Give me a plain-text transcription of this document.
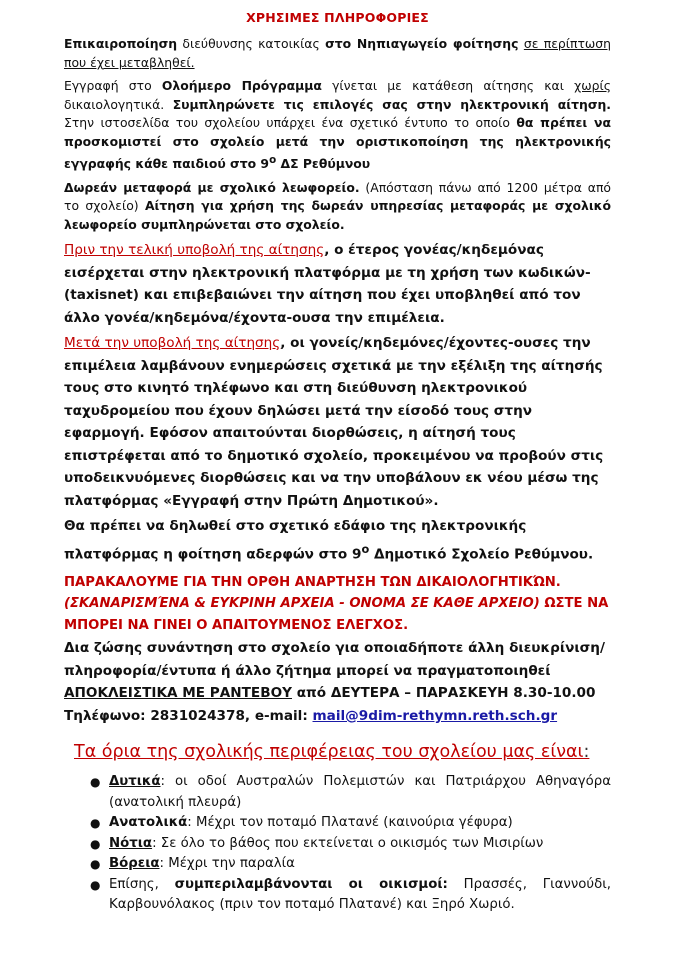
ΧΡΗΣΙΜΕΣ ΠΛΗΡΟΦΟΡΙΕΣ

Επικαιροποίηση διεύθυνσης κατοικίας στο Νηπιαγωγείο φοίτησης σε περίπτωση που έχει μεταβληθεί.

Εγγραφή στο Ολοήμερο Πρόγραμμα γίνεται με κατάθεση αίτησης και χωρίς δικαιολογητικά. Συμπληρώνετε τις επιλογές σας στην ηλεκτρονική αίτηση. Στην ιστοσελίδα του σχολείου υπάρχει ένα σχετικό έντυπο το οποίο θα πρέπει να προσκομιστεί στο σχολείο μετά την οριστικοποίηση της ηλεκτρονικής εγγραφής κάθε παιδιού στο $9^o$ ΔΣ Ρεθύμνου

Δωρεάν μεταφορά με σχολικό λεωφορείο. (Απόσταση πάνω από 1200 μέτρα από το σχολείο) Αίτηση για χρήση της δωρεάν υπηρεσίας μεταφοράς με σχολικό λεωφορείο συμπληρώνεται στο σχολείο.

Πριν την τελική υποβολή της αίτησης, ο έτερος γονέας/κηδεμόνας εισέρχεται στην ηλεκτρονική πλατφόρμα με τη χρήση των κωδικών- (taxisnet) και επιβεβαιώνει την αίτηση που έχει υποβληθεί από τον άλλο γονέα/κηδεμόνα/έχοντα-ουσα την επιμέλεια.

Μετά την υποβολή της αίτησης, οι γονείς/κηδεμόνες/έχοντες-ουσες την επιμέλεια λαμβάνουν ενημερώσεις σχετικά με την εξέλιξη της αίτησής τους στο κινητό τηλέφωνο και στη διεύθυνση ηλεκτρονικού ταχυδρομείου που έχουν δηλώσει μετά την είσοδό τους στην εφαρμογή. Εφόσον απαιτούνται διορθώσεις, η αίτησή τους επιστρέφεται από το δημοτικό σχολείο, προκειμένου να προβούν στις υποδεικνυόμενες διορθώσεις και να την υποβάλουν εκ νέου μέσω της πλατφόρμας «Εγγραφή στην Πρώτη Δημοτικού».

Θα πρέπει να δηλωθεί στο σχετικό εδάφιο της ηλεκτρονικής πλατφόρμας η φοίτηση αδερφών στο $9^o$ Δημοτικό Σχολείο Ρεθύμνου.

ΠΑΡΑΚΑΛΟΥΜΕ ΓΙΑ ΤΗΝ ΟΡΘΗ ΑΝΑΡΤΗΣΗ ΤΩΝ ΔΙΚΑΙΟΛΟΓΗΤΙΚΏΝ. (ΣΚΑΝΑΡΙΣΜΈΝΑ & ΕΥΚΡΙΝΗ ΑΡΧΕΙΑ - ΟΝΟΜΑ ΣΕ ΚΑΘΕ ΑΡΧΕΙΟ) ΩΣΤΕ ΝΑ ΜΠΟΡΕΙ ΝΑ ΓΙΝΕΙ Ο ΑΠΑΙΤΟΥΜΕΝΟΣ ΕΛΕΓΧΟΣ.

Δια ζώσης συνάντηση στο σχολείο για οποιαδήποτε άλλη διευκρίνιση/ πληροφορία/έντυπα ή άλλο ζήτημα μπορεί να πραγματοποιηθεί ΑΠΟΚΛΕΙΣΤΙΚΑ ΜΕ ΡΑΝΤΕΒΟΥ από ΔΕΥΤΕΡΑ – ΠΑΡΑΣΚΕΥΗ 8.30-10.00
Τηλέφωνο: 2831024378, e-mail: mail@9dim-rethymn.reth.sch.gr

Τα όρια της σχολικής περιφέρειας του σχολείου μας είναι:

● Δυτικά: οι οδοί Αυστραλών Πολεμιστών και Πατριάρχου Αθηναγόρα (ανατολική πλευρά)
● Ανατολικά: Μέχρι τον ποταμό Πλατανέ (καινούρια γέφυρα)
● Νότια: Σε όλο το βάθος που εκτείνεται ο οικισμός των Μισιρίων
● Βόρεια: Μέχρι την παραλία
● Επίσης, συμπεριλαμβάνονται οι οικισμοί: Πρασσές, Γιαννούδι, Καρβουνόλακος (πριν τον ποταμό Πλατανέ) και Ξηρό Χωριό.
